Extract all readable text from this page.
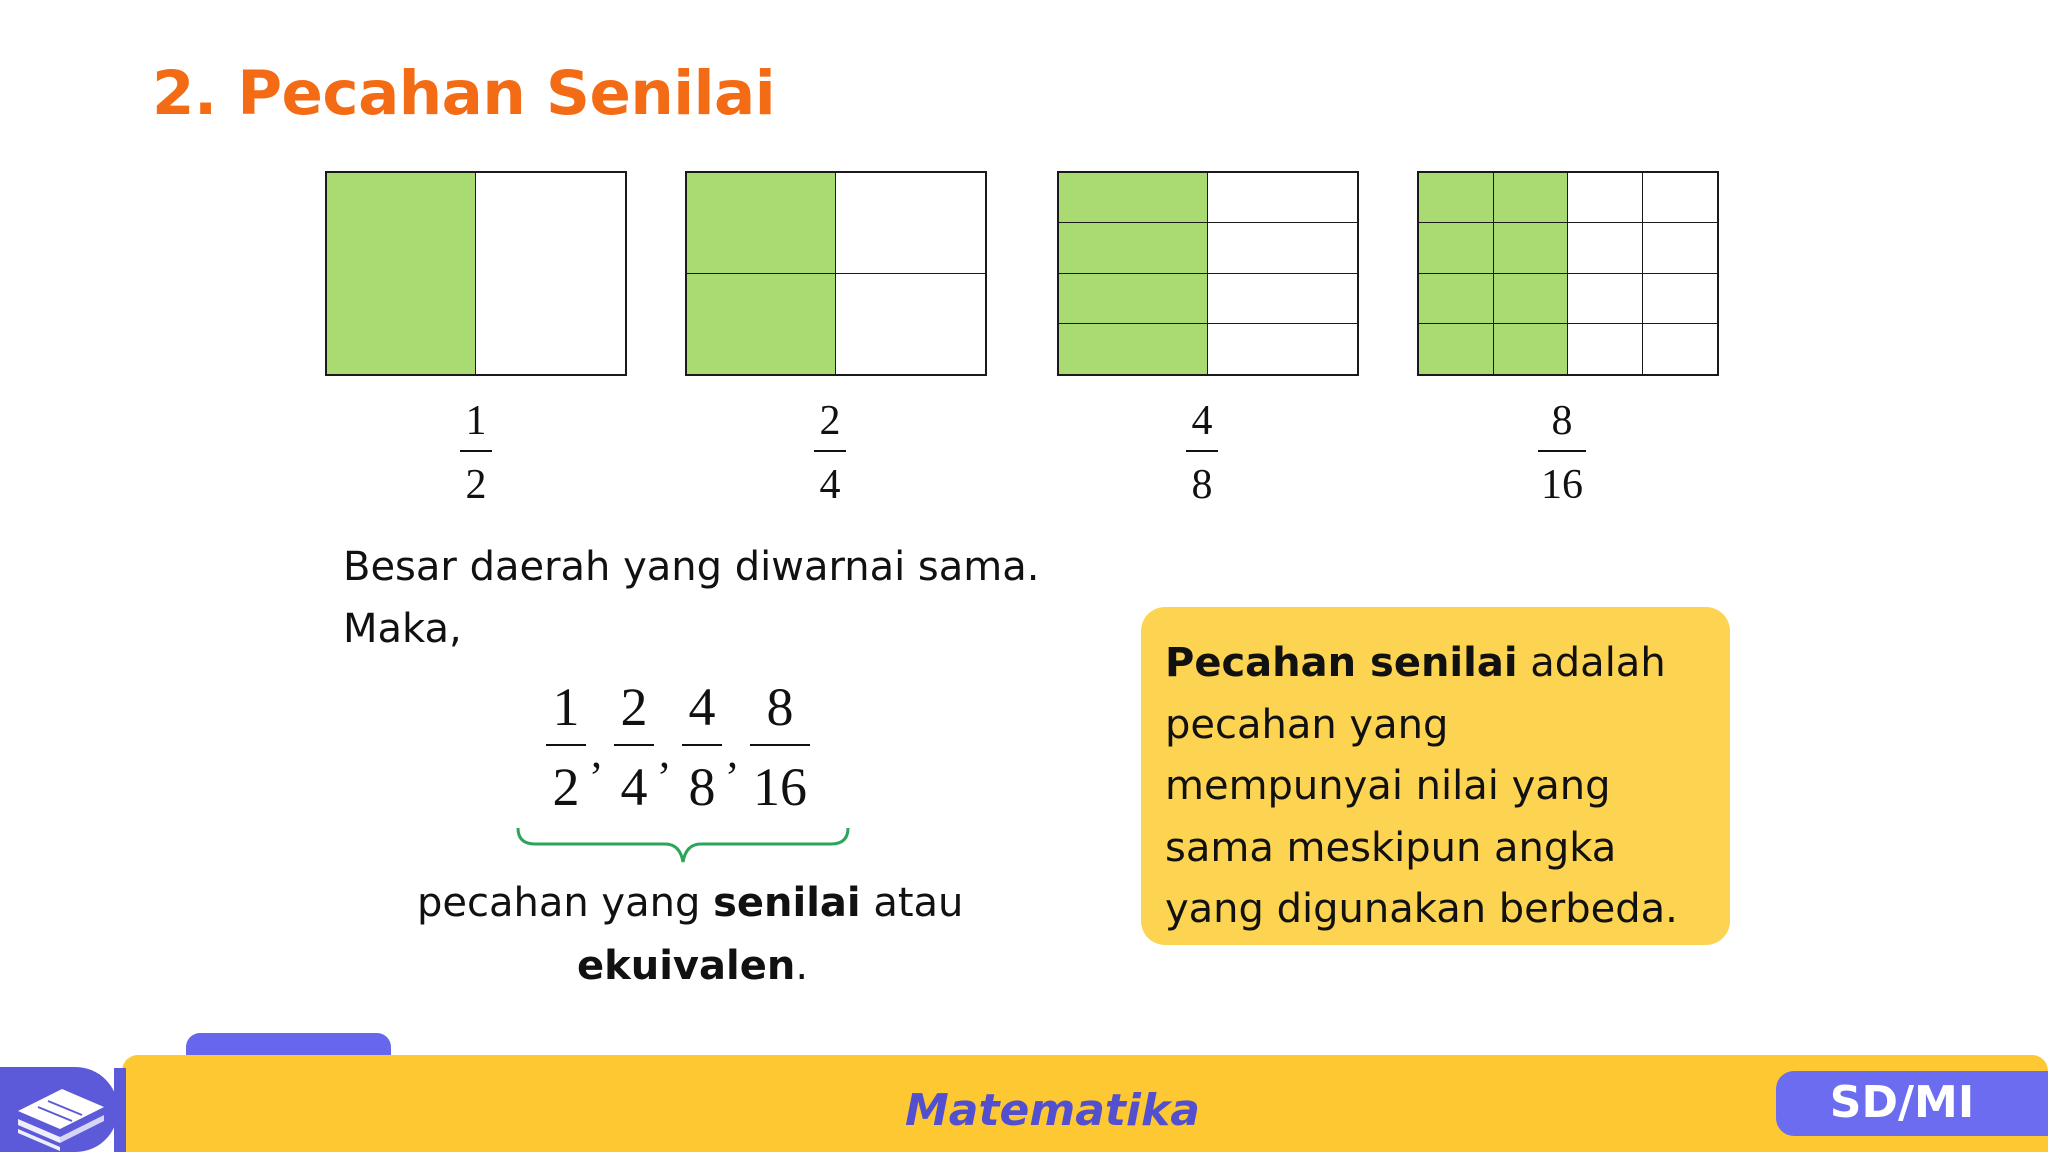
2. Pecahan Senilai
1
2
2
4
4
8
8
16
Besar daerah yang diwarnai sama.
Maka,
1
2
,
2
4
,
4
8
,
8
16
pecahan yang senilai atau
ekuivalen.
Pecahan senilai adalah
pecahan yang
mempunyai nilai yang
sama meskipun angka
yang digunakan berbeda.
Matematika	SD/MI
